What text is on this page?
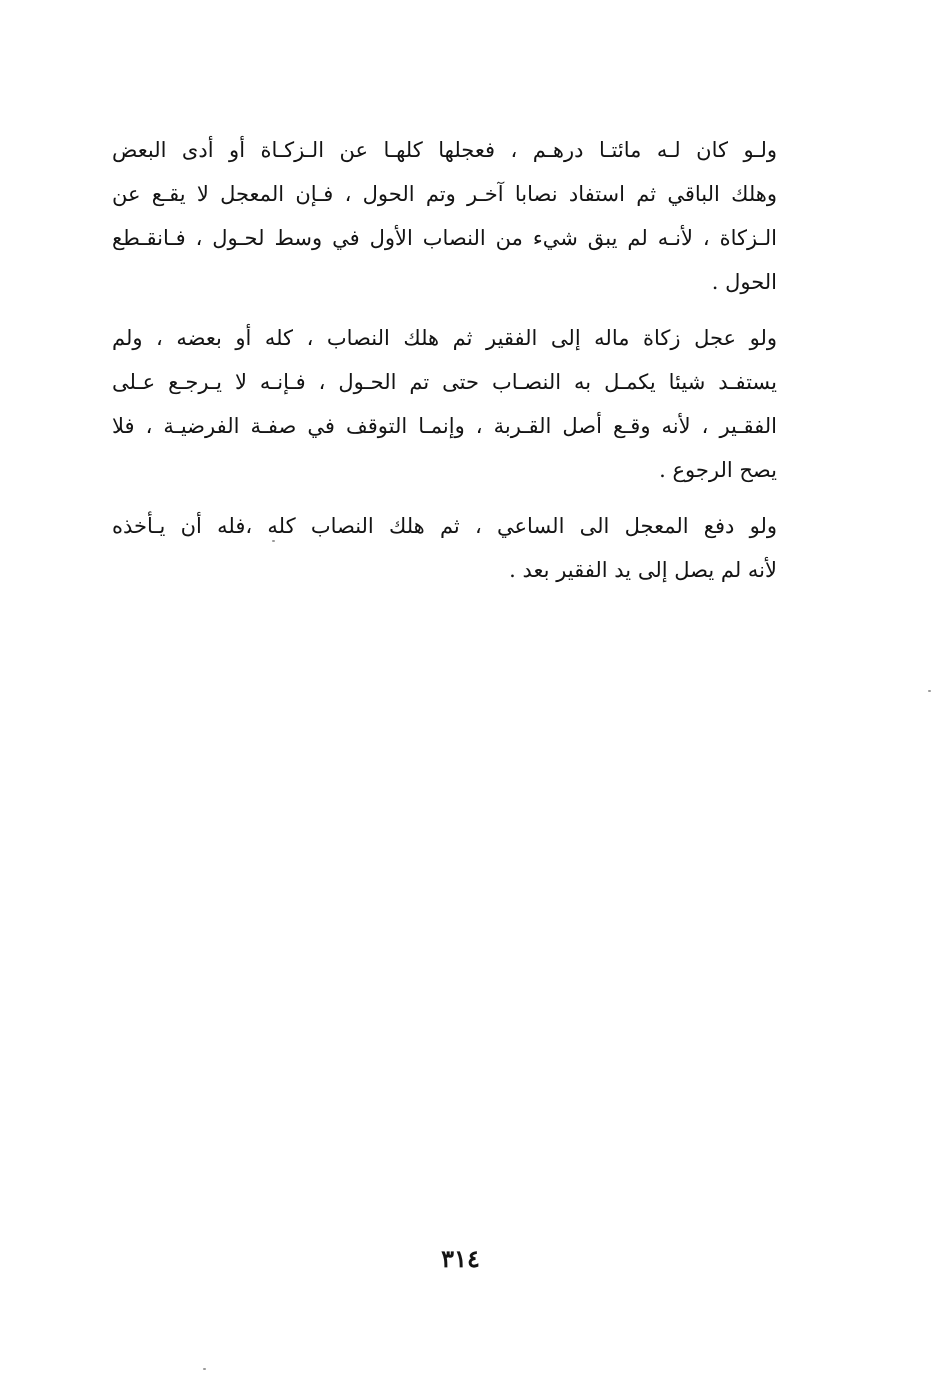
ولـو كان لـه مائتـا درهـم ، فعجلها كلهـا عن الـزكـاة أو أدى البعض
وهلك الباقي ثم استفاد نصابا آخـر وتم الحول ، فـإن المعجل لا يقـع عن
الـزكاة ، لأنـه لم يبق شيء من النصاب الأول في وسط لحـول ، فـانقـطع
الحول .

ولو عجل زكاة ماله إلى الفقير ثم هلك النصاب ، كله أو بعضه ، ولم
يستفـد شيئا يكمـل به النصـاب حتى تم الحـول ، فـإنـه لا يـرجـع عـلى
الفقـير ، لأنه وقـع أصل القـربة ، وإنمـا التوقف في صفـة الفرضيـة ، فلا
يصح الرجوع .

ولو دفع المعجل الى الساعي ، ثم هلك النصاب كله ،فله أن يـأخذه
لأنه لم يصل إلى يد الفقير بعد .

٣١٤
